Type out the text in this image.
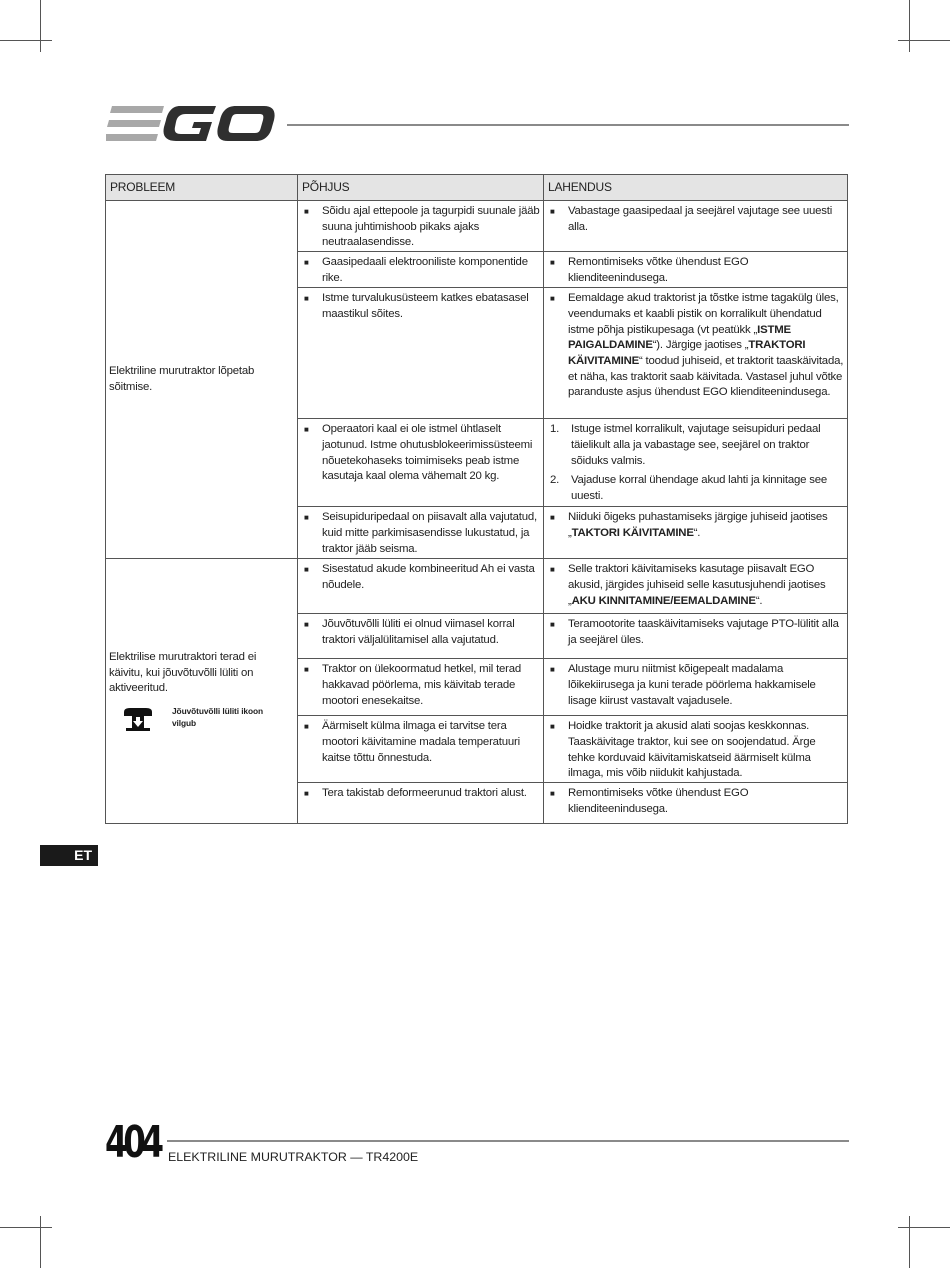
PROBLEEM	PÕHJUS	LAHENDUS

Elektriline murutraktor lõpetab sõitmise.	■ Sõidu ajal ettepoole ja tagurpidi suunale jääb suuna juhtimishoob pikaks ajaks neutraalasendisse.	■ Vabastage gaasipedaal ja seejärel vajutage see uuesti alla.

	■ Gaasipedaali elektrooniliste komponentide rike.	■ Remontimiseks võtke ühendust EGO klienditeenindusega.

	■ Istme turvalukusüsteem katkes ebatasasel maastikul sõites.	■ Eemaldage akud traktorist ja tõstke istme tagakülg üles, veendumaks et kaabli pistik on korralikult ühendatud istme põhja pistikupesaga (vt peatükk „ISTME PAIGALDAMINE“). Järgige jaotises „TRAKTORI KÄIVITAMINE“ toodud juhiseid, et traktorit taaskäivitada, et näha, kas traktorit saab käivitada. Vastasel juhul võtke paranduste asjus ühendust EGO klienditeenindusega.

	■ Operaatori kaal ei ole istmel ühtlaselt jaotunud. Istme ohutusblokeerimissüsteemi nõuetekohaseks toimimiseks peab istme kasutaja kaal olema vähemalt 20 kg.	1. Istuge istmel korralikult, vajutage seisupiduri pedaal täielikult alla ja vabastage see, seejärel on traktor sõiduks valmis.
2. Vajaduse korral ühendage akud lahti ja kinnitage see uuesti.

	■ Seisupiduripedaal on piisavalt alla vajutatud, kuid mitte parkimisasendisse lukustatud, ja traktor jääb seisma.	■ Niiduki õigeks puhastamiseks järgige juhiseid jaotises „TAKTORI KÄIVITAMINE“.

Elektrilise murutraktori terad ei käivitu, kui jõuvõtuvõlli lüliti on aktiveeritud.
Jõuvõtuvõlli lüliti ikoon vilgub	■ Sisestatud akude kombineeritud Ah ei vasta nõudele.	■ Selle traktori käivitamiseks kasutage piisavalt EGO akusid, järgides juhiseid selle kasutusjuhendi jaotises „AKU KINNITAMINE/EEMALDAMINE“.

	■ Jõuvõtuvõlli lüliti ei olnud viimasel korral traktori väljalülitamisel alla vajutatud.	■ Teramootorite taaskäivitamiseks vajutage PTO-lülitit alla ja seejärel üles.

	■ Traktor on ülekoormatud hetkel, mil terad hakkavad pöörlema, mis käivitab terade mootori enesekaitse.	■ Alustage muru niitmist kõigepealt madalama lõikekiirusega ja kuni terade pöörlema hakkamisele lisage kiirust vastavalt vajadusele.

	■ Äärmiselt külma ilmaga ei tarvitse tera mootori käivitamine madala temperatuuri kaitse tõttu õnnestuda.	■ Hoidke traktorit ja akusid alati soojas keskkonnas. Taaskäivitage traktor, kui see on soojendatud. Ärge tehke korduvaid käivitamiskatseid äärmiselt külma ilmaga, mis võib niidukit kahjustada.

	■ Tera takistab deformeerunud traktori alust.	■ Remontimiseks võtke ühendust EGO klienditeenindusega.
ET
404 ELEKTRILINE MURUTRAKTOR — TR4200E
